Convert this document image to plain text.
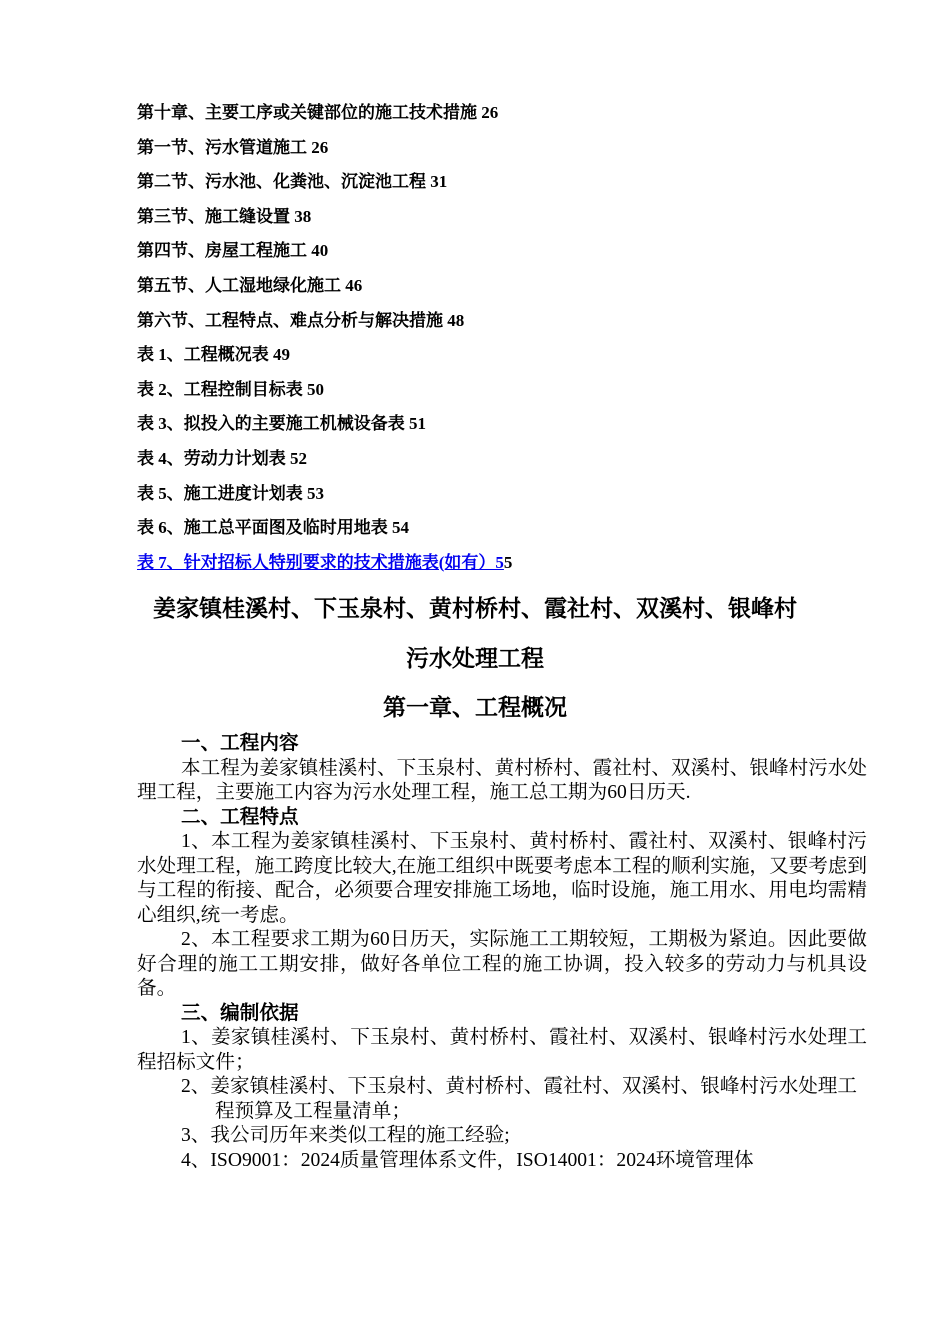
第十章、主要工序或关键部位的施工技术措施 26
第一节、污水管道施工 26
第二节、污水池、化粪池、沉淀池工程 31
第三节、施工缝设置 38
第四节、房屋工程施工 40
第五节、人工湿地绿化施工 46
第六节、工程特点、难点分析与解决措施 48
表 1、工程概况表 49
表 2、工程控制目标表 50
表 3、拟投入的主要施工机械设备表 51
表 4、劳动力计划表 52
表 5、施工进度计划表 53
表 6、施工总平面图及临时用地表 54
表 7、针对招标人特别要求的技术措施表(如有）55
姜家镇桂溪村、下玉泉村、黄村桥村、霞社村、双溪村、银峰村
污水处理工程
第一章、工程概况
一、工程内容
本工程为姜家镇桂溪村、下玉泉村、黄村桥村、霞社村、双溪村、银峰村污水处理工程，主要施工内容为污水处理工程，施工总工期为60日历天.
二、工程特点
1、本工程为姜家镇桂溪村、下玉泉村、黄村桥村、霞社村、双溪村、银峰村污水处理工程，施工跨度比较大,在施工组织中既要考虑本工程的顺利实施，又要考虑到与工程的衔接、配合，必须要合理安排施工场地，临时设施，施工用水、用电均需精心组织,统一考虑。
2、本工程要求工期为60日历天，实际施工工期较短，工期极为紧迫。因此要做好合理的施工工期安排，做好各单位工程的施工协调，投入较多的劳动力与机具设备。
三、编制依据
1、姜家镇桂溪村、下玉泉村、黄村桥村、霞社村、双溪村、银峰村污水处理工程招标文件；
2、姜家镇桂溪村、下玉泉村、黄村桥村、霞社村、双溪村、银峰村污水处理工程预算及工程量清单；
3、我公司历年来类似工程的施工经验;
4、ISO9001：2024质量管理体系文件，ISO14001：2024环境管理体
